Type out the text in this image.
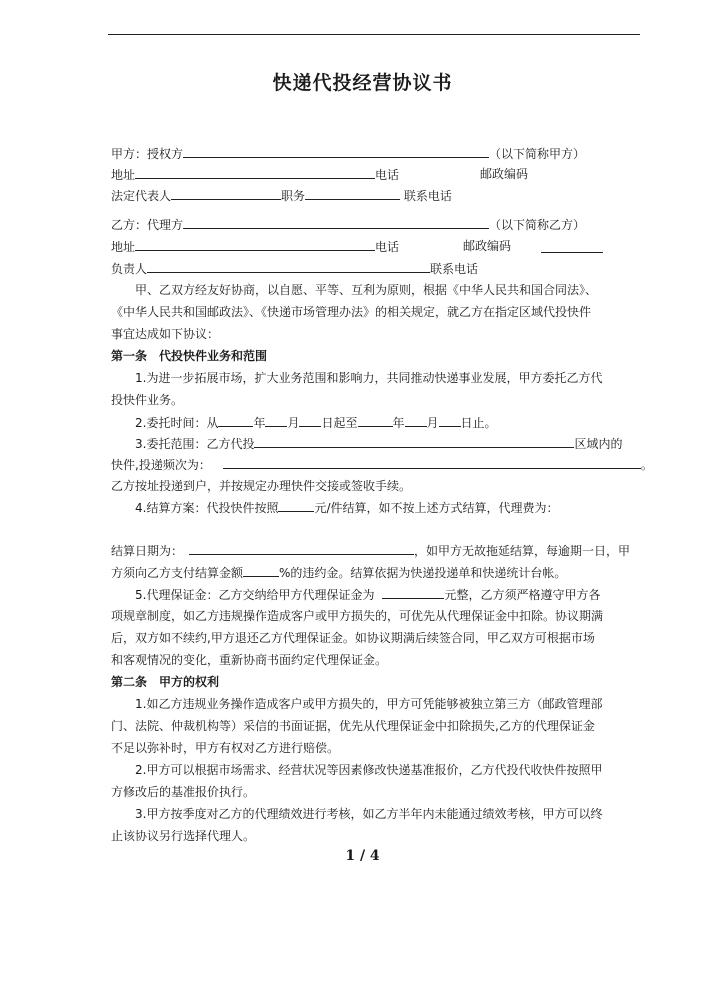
快递代投经营协议书
甲方：授权方	（以下简称甲方）
地址	电话	邮政编码
法定代表人	职务	联系电话
乙方：代理方	（以下简称乙方）
地址	电话	邮政编码
负责人	联系电话
甲、乙双方经友好协商，以自愿、平等、互利为原则，根据《中华人民共和国合同法》、
《中华人民共和国邮政法》、《快递市场管理办法》的相关规定，就乙方在指定区域代投快件
事宜达成如下协议：
第一条　代投快件业务和范围
1.为进一步拓展市场，扩大业务范围和影响力，共同推动快递事业发展，甲方委托乙方代
投快件业务。
2.委托时间：从	年 月 日起至	年 月 日止。
3.委托范围：乙方代投	区域内的
快件,投递频次为：	。
乙方按址投递到户，并按规定办理快件交接或签收手续。
4.结算方案：代投快件按照	元/件结算，如不按上述方式结算，代理费为：
结算日期为：	，如甲方无故拖延结算，每逾期一日，甲
方须向乙方支付结算金额	%的违约金。结算依据为快递投递单和快递统计台帐。
5.代理保证金：乙方交纳给甲方代理保证金为	元整，乙方须严格遵守甲方各
项规章制度，如乙方违规操作造成客户或甲方损失的，可优先从代理保证金中扣除。协议期满
后，双方如不续约,甲方退还乙方代理保证金。如协议期满后续签合同，甲乙双方可根据市场
和客观情况的变化，重新协商书面约定代理保证金。
第二条　甲方的权利
1.如乙方违规业务操作造成客户或甲方损失的，甲方可凭能够被独立第三方（邮政管理部
门、法院、仲裁机构等）采信的书面证据，优先从代理保证金中扣除损失,乙方的代理保证金
不足以弥补时，甲方有权对乙方进行赔偿。
2.甲方可以根据市场需求、经营状况等因素修改快递基准报价，乙方代投代收快件按照甲
方修改后的基准报价执行。
3.甲方按季度对乙方的代理绩效进行考核，如乙方半年内未能通过绩效考核，甲方可以终
止该协议另行选择代理人。
1 / 4
